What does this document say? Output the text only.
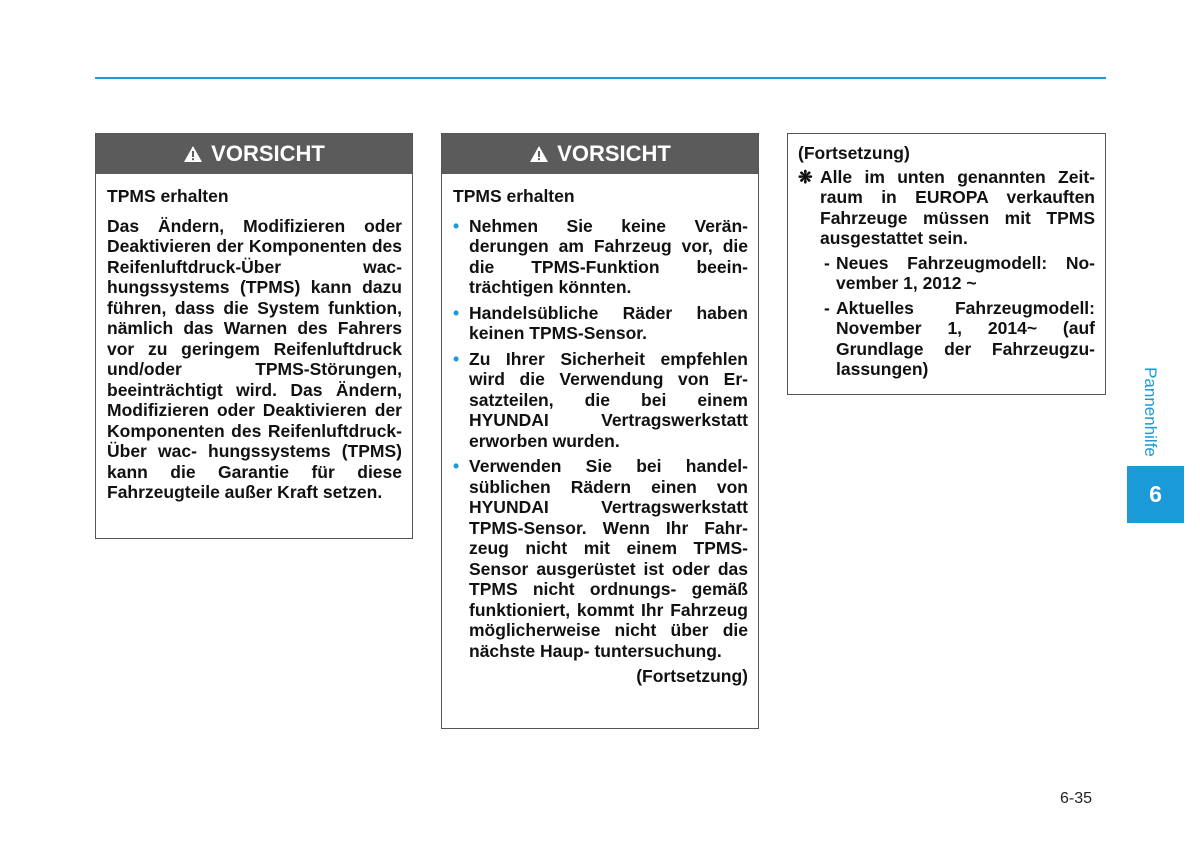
VORSICHT
TPMS erhalten
Das Ändern, Modifizieren oder Deaktivieren der Komponenten des Reifenluftdruck-Über wac- hungssystems (TPMS) kann dazu führen, dass die System funktion, nämlich das Warnen des Fahrers vor zu geringem Reifenluftdruck und/oder TPMS-Störungen, beeinträchtigt wird. Das Ändern, Modifizieren oder Deaktivieren der Komponenten des Reifenluftdruck-Über wac- hungssystems (TPMS) kann die Garantie für diese Fahrzeugteile außer Kraft setzen.
VORSICHT
TPMS erhalten
• Nehmen Sie keine Verän- derungen am Fahrzeug vor, die die TPMS-Funktion beein- trächtigen könnten.
• Handelsübliche Räder haben keinen TPMS-Sensor.
• Zu Ihrer Sicherheit empfehlen wird die Verwendung von Er- satzteilen, die bei einem HYUNDAI Vertragswerkstatt erworben wurden.
• Verwenden Sie bei handel- süblichen Rädern einen von HYUNDAI Vertragswerkstatt TPMS-Sensor. Wenn Ihr Fahr- zeug nicht mit einem TPMS-Sensor ausgerüstet ist oder das TPMS nicht ordnungs- gemäß funktioniert, kommt Ihr Fahrzeug möglicherweise nicht über die nächste Haup- tuntersuchung.
(Fortsetzung)
(Fortsetzung)
❋ Alle im unten genannten Zeit- raum in EUROPA verkauften Fahrzeuge müssen mit TPMS ausgestattet sein.
- Neues Fahrzeugmodell: No- vember 1, 2012 ~
- Aktuelles Fahrzeugmodell: November 1, 2014~ (auf Grundlage der Fahrzeugzu- lassungen)	Pannenhilfe
6
6-35
